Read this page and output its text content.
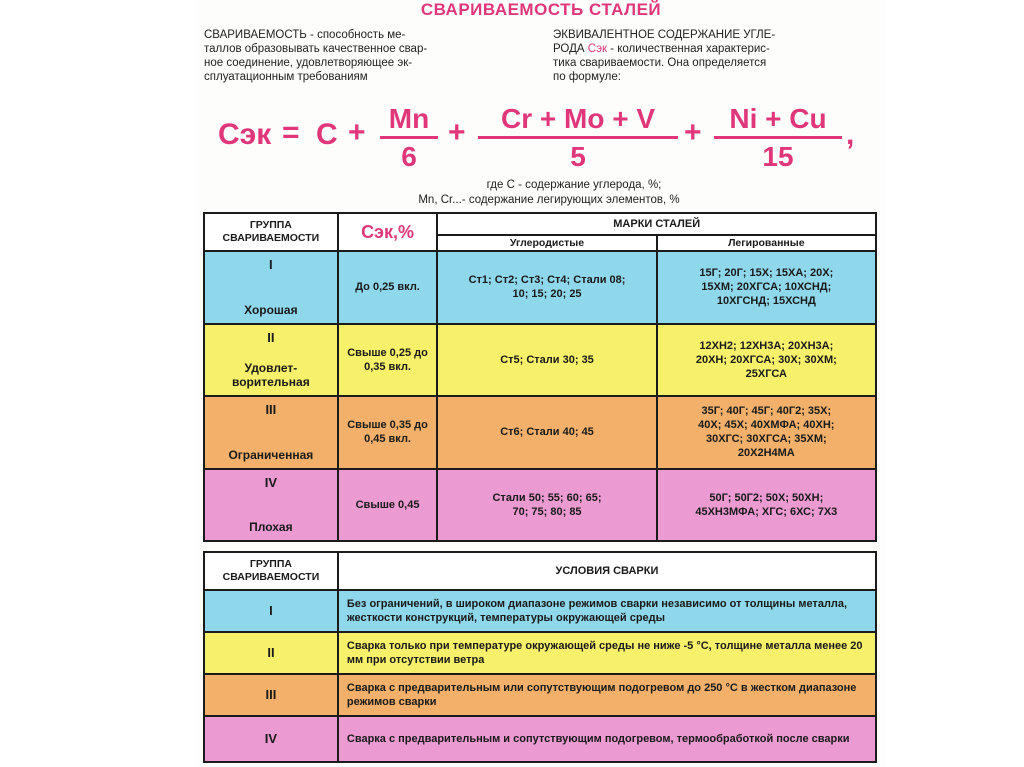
СВАРИВАЕМОСТЬ СТАЛЕЙ
СВАРИВАЕМОСТЬ - способность ме-
таллов образовывать качественное свар-
ное соединение, удовлетворяющее эк-
сплуатационным требованиям
ЭКВИВАЛЕНТНОЕ СОДЕРЖАНИЕ УГЛЕ-
РОДА Сэк - количественная характерис-
тика свариваемости. Она определяется
по формуле:
Cэк = C + Mn
6
+	Cr + Mo + V
5
+ Ni + Cu
15
,
где С - содержание углерода, %;
Mn, Cr...- содержание легирующих элементов, %
ГРУППА СВАРИВАЕМОСТИ	Сэк,%	МАРКИ СТАЛЕЙ	
		Углеродистые	Легированные

I
Хорошая	До 0,25 вкл.	Ст1; Ст2; Ст3; Ст4; Стали 08; 10; 15; 20; 25	15Г; 20Г; 15Х; 15ХА; 20Х; 15ХМ; 20ХГСА; 10ХСНД; 10ХГСНД; 15ХСНД

II
Удовлет-ворительная	Свыше 0,25 до 0,35 вкл.	Ст5; Стали 30; 35	12ХН2; 12ХН3А; 20ХН3А; 20ХН; 20ХГСА; 30Х; 30ХМ; 25ХГСА

III
Ограниченная	Свыше 0,35 до 0,45 вкл.	Ст6; Стали 40; 45	35Г; 40Г; 45Г; 40Г2; 35Х; 40Х; 45Х; 40ХМФА; 40ХН; 30ХГС; 30ХГСА; 35ХМ; 20Х2Н4МА

IV
Плохая	Свыше 0,45	Стали 50; 55; 60; 65; 70; 75; 80; 85	50Г; 50Г2; 50Х; 50ХН; 45ХН3МФА; ХГС; 6ХС; 7Х3
ГРУППА СВАРИВАЕМОСТИ	УСЛОВИЯ СВАРКИ
I	Без ограничений, в широком диапазоне режимов сварки независимо от толщины металла, жесткости конструкций, температуры окружающей среды
II	Сварка только при температуре окружающей среды не ниже -5 °С, толщине металла менее 20 мм при отсутствии ветра
III	Сварка с предварительным или сопутствующим подогревом до 250 °С в жестком диапазоне режимов сварки
IV	Сварка с предварительным и сопутствующим подогревом, термообработкой после сварки
